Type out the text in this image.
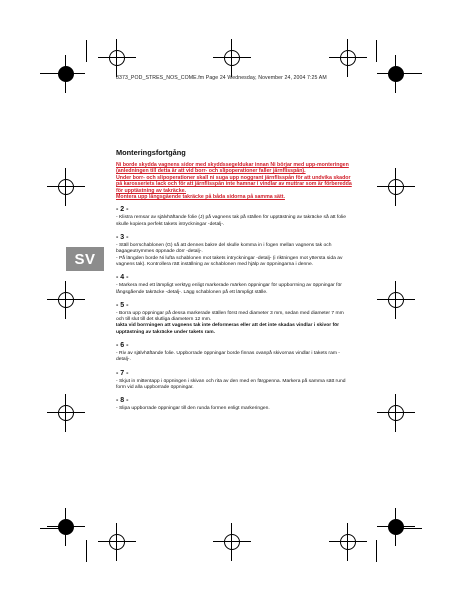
8373_POD_STRES_NOS_COME.fm Page 24 Wednesday, November 24, 2004 7:25 AM
SV

Monteringsfortgång

Ni borde skydda vagnens sidor med skyddssegeldukar innan Ni börjar med upp-monteringen (anledningen till detta är att vid borr- och slipoperationer faller järnflisspån).

Under borr- och slipoperationer skall ni suga upp noggrant järnflisspån för att undvika skador på karosseriets lack och för att järnflisspån inte hamnar i vindlar av muttrar som är förberedda för upptästning av takräcke.

Montera upp långsgående takräcke på båda sidorna på samma sätt.

- 2 -

- Klistra remsar av självhäftande folie (J) på vagnens tak på ställen för upptästning av takräcke så att folie skulle kopiera perfekt takets intryckningar -detalj-.

- 3 -

- Ställ borrschablonen (G) så att dennes bakre del skulle komma in i fogen mellan vagnens tak och bagageutrymmes öppnade dörr -detalj-.

- På längden borde Ni lufta schablonen mot takets intryckningar -detalj- (i riktningen mot yttersta sida av vagnens tak). Kontrollera rätt inställning av schablonen med hjälp av öppningarna i denne.

- 4 -

- Markera med ett lämpligt verktyg enligt markerade märken öppningar för uppborrning av öppningar för långsgående takräcke -detalj-. Lägg schablonen på ett lämpligt ställe.

- 5 -

- Borra upp öppningar på dessa markerade ställen först med diameter 3 mm, sedan med diameter 7 mm och till slut till det slutliga diametern 12 mm.

Iakta vid borrningen att vagnens tak inte deformeras eller att det inte skadas vindlar i skivor för upptästning av takräcke under takets ram.

- 6 -

- Riv av självhäftande folie. Uppborrade öppningar borde finnas ovanpå skivornas vindlar i takets ram -detalj-.

- 7 -

- Skjut in mittentapp i öppningen i skivan och rita av den med en färgpenna. Markera på samma sätt rund form vid alla uppborrade öppningar.

- 8 -

- Slipa uppborrade öppningar till den runda formen enligt markeringen.
